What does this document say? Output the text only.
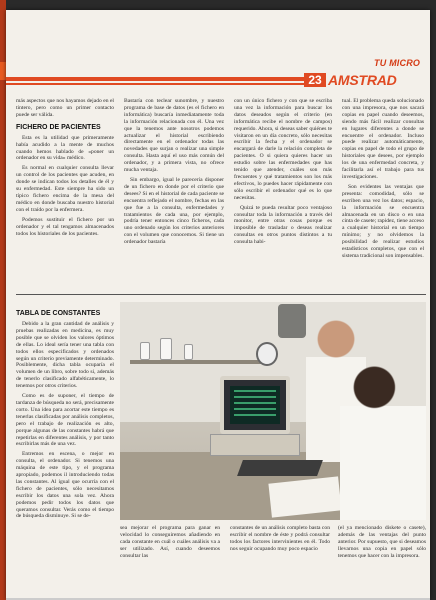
TU MICRO
23 AMSTRAD

más aspectos que nos hayamos dejado en el tintero, pero como un primer contacto puede ser válida.

FICHERO DE PACIENTES

Esta es la utilidad que primeramente había acudido a la mente de muchos cuando hemos hablado de «poner un ordenador en su vida» médico.

Es normal en cualquier consulta llevar un control de los pacientes que acuden, en donde se indican todos los detalles de él y su enfermedad. Este siempre ha sido un típico fichero encima de la mesa del médico en donde buscaba nuestro historial con el traído por la enfermera.

Podemos sustituir el fichero por un ordenador y el tal tengamos almacenados todos los historiales de los pacientes.

Bastaría con teclear sunombre, y nuestro programa de base de datos (es el fichero en informática) buscaría inmediatamente toda la información relacionada con él. Una vez que la tenemos ante nosotros podemos actualizar el historial escribiendo directamente en el ordenador todas las novedades que surjan o realizar una simple consulta. Hasta aquí el uso más común del ordenador, y a primera vista, no ofrece mucha ventaja.

Sin embargo, igual le parecería disponer de un fichero en donde por el criterio que desees? Si en el historial de cada paciente se encuentra reflejado el nombre, fechas en las que fue a la consulta, enfermedades y tratamientos de cada una, por ejemplo, podría tener entonces cinco ficheros, cada uno ordenado según los criterios anteriores con el volumen que conocemos. Si tiene un ordenador bastaría

con un único fichero y con que se escriba una vez la información para buscar los datos deseados según el criterio (en informática recibe el nombre de campos) requerido. Ahora, si deseas saber quiénes te visitaron en un día concreto, sólo necesitas escribir la fecha y el ordenador se encargará de darle la relación completa de pacientes. O si quiera quieres hacer un estudio sobre las enfermedades que has tenido que atender, cuáles son más frecuentes y qué tratamientos son los más efectivos, lo puedes hacer rápidamente con sólo escribir el ordenador qué es lo que necesitas.

Quizá te pueda resultar poco ventajoso consultar toda la información a través del monitor, entre otras cosas porque es imposible de trasladar o deseas realizar consultas en otros puntos distintos a tu consulta habi-

tual. El problema queda solucionado con una impresora, que nos sacará copias en papel cuando deseemos, siendo más fácil realizar consultas en lugares diferentes a donde se encuentre el ordenador. Incluso puede realizar automáticamente, copias en papel de todo el grupo de historiales que desees, por ejemplo los de una enfermedad concreta, y facilitarla así el trabajo para tus investigaciones.

Son evidentes las ventajas que presenta: comodidad, sólo se escriben una vez los datos; espacio, la información se encuentra almacenada en un disco o en una cinta de casete; rapidez, tiene acceso a cualquier historial en un tiempo mínimo; y no olvidemos la posibilidad de realizar estudios estadísticos completos, que con el sistema tradicional son impensables.

TABLA DE CONSTANTES

Debido a la gran cantidad de análisis y pruebas realizadas en medicina, es muy posible que se olviden los valores óptimos de ellas. Lo ideal sería tener una tabla con todos ellos especificados y ordenados según un criterio previamente determinado. Posiblemente, dicha tabla ocuparía el volumen de un libro, sobre todo si, además de tenerlo clasificado alfabéticamente, lo tenemos por otros criterios.

Como es de suponer, el tiempo de tardanza de búsqueda no será, precisamente corto. Una idea para acortar este tiempo es tenerlas clasificadas por análisis completos, pero el trabajo de realización es alto, porque algunas de las constantes habrá que repetirlas en diferentes análisis, y por tanto escribirlas más de una vez.

Entremos en escena, o mejor en consulta, el ordenador. Si tenemos una máquina de este tipo, y el programa apropiado, podemos il introduciendo todas las constantes. Al igual que ocurría con el fichero de pacientes, sólo necesitamos escribir los datos una sola vez. Ahora podemos pedir todos los datos que queramos consultar. Verás como el tiempo de búsqueda disminuye. Si se de-

sea mejorar el programa para ganar en velocidad lo conseguiremos añadiendo en cada constante en cuál o cuáles análisis va a ser utilizado. Así, cuando deseemos consultar las

constantes de un análisis completo basta con escribir el nombre de éste y podrá consultar todos los factores intervinientes en él. Todo nos seguir ocupando muy poco espacio

(el ya mencionado diskete o casete), además de las ventajas del punto anterior. Por supuesto, que si deseamos llevarnos una copia en papel sólo tenemos que hacer con la impresora.
